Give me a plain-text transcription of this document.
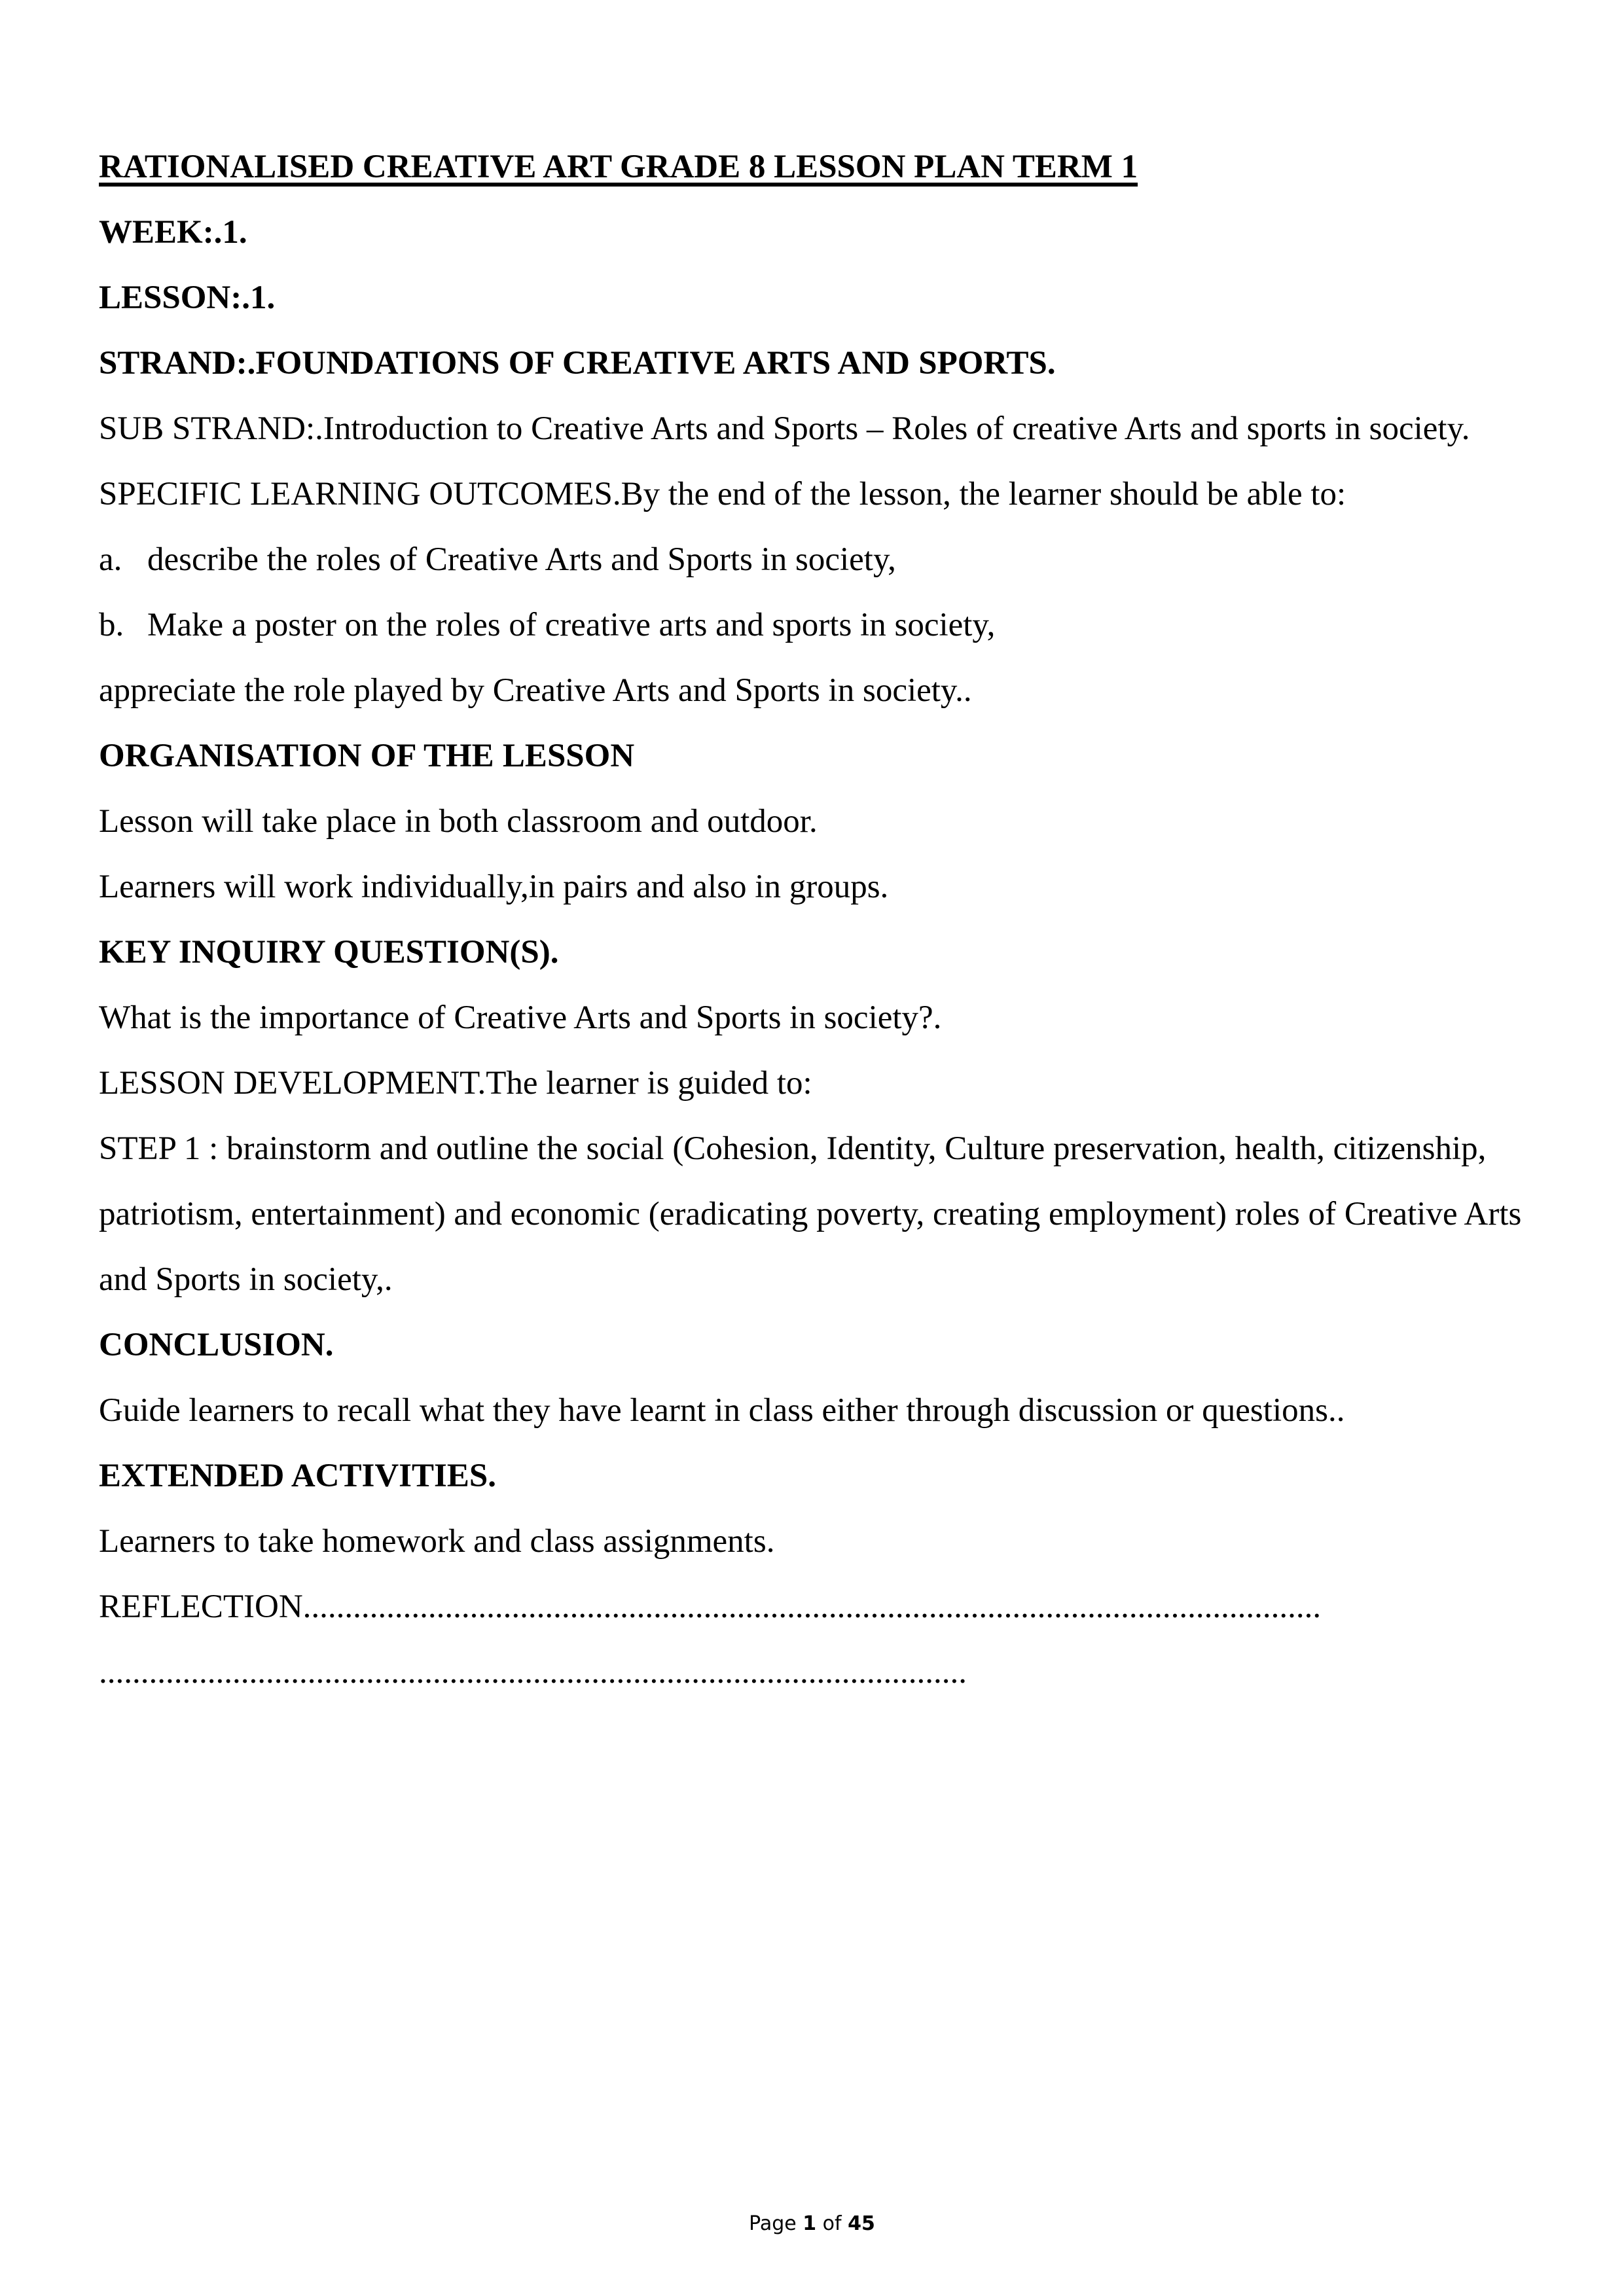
RATIONALISED CREATIVE ART GRADE 8 LESSON PLAN TERM 1
WEEK:.1.
LESSON:.1.
STRAND:.FOUNDATIONS OF CREATIVE ARTS AND SPORTS.
SUB STRAND:.Introduction to Creative Arts and Sports – Roles of creative Arts and sports in society.
SPECIFIC LEARNING OUTCOMES.By the end of the lesson, the learner should be able to:
a. describe the roles of Creative Arts and Sports in society,
b. Make a poster on the roles of creative arts and sports in society,
appreciate the role played by Creative Arts and Sports in society..
ORGANISATION OF THE LESSON
Lesson will take place in both classroom and outdoor.
Learners will work individually,in pairs and also in groups.
KEY INQUIRY QUESTION(S).
What is the importance of Creative Arts and Sports in society?.
LESSON DEVELOPMENT.The learner is guided to:
STEP 1 : brainstorm and outline the social (Cohesion, Identity, Culture preservation, health, citizenship, patriotism, entertainment) and economic (eradicating poverty, creating employment) roles of Creative Arts and Sports in society,.
CONCLUSION.
Guide learners to recall what they have learnt in class either through discussion or questions..
EXTENDED ACTIVITIES.
Learners to take homework and class assignments.
REFLECTION..........................................................................................................................
........................................................................................................
Page 1 of 45
